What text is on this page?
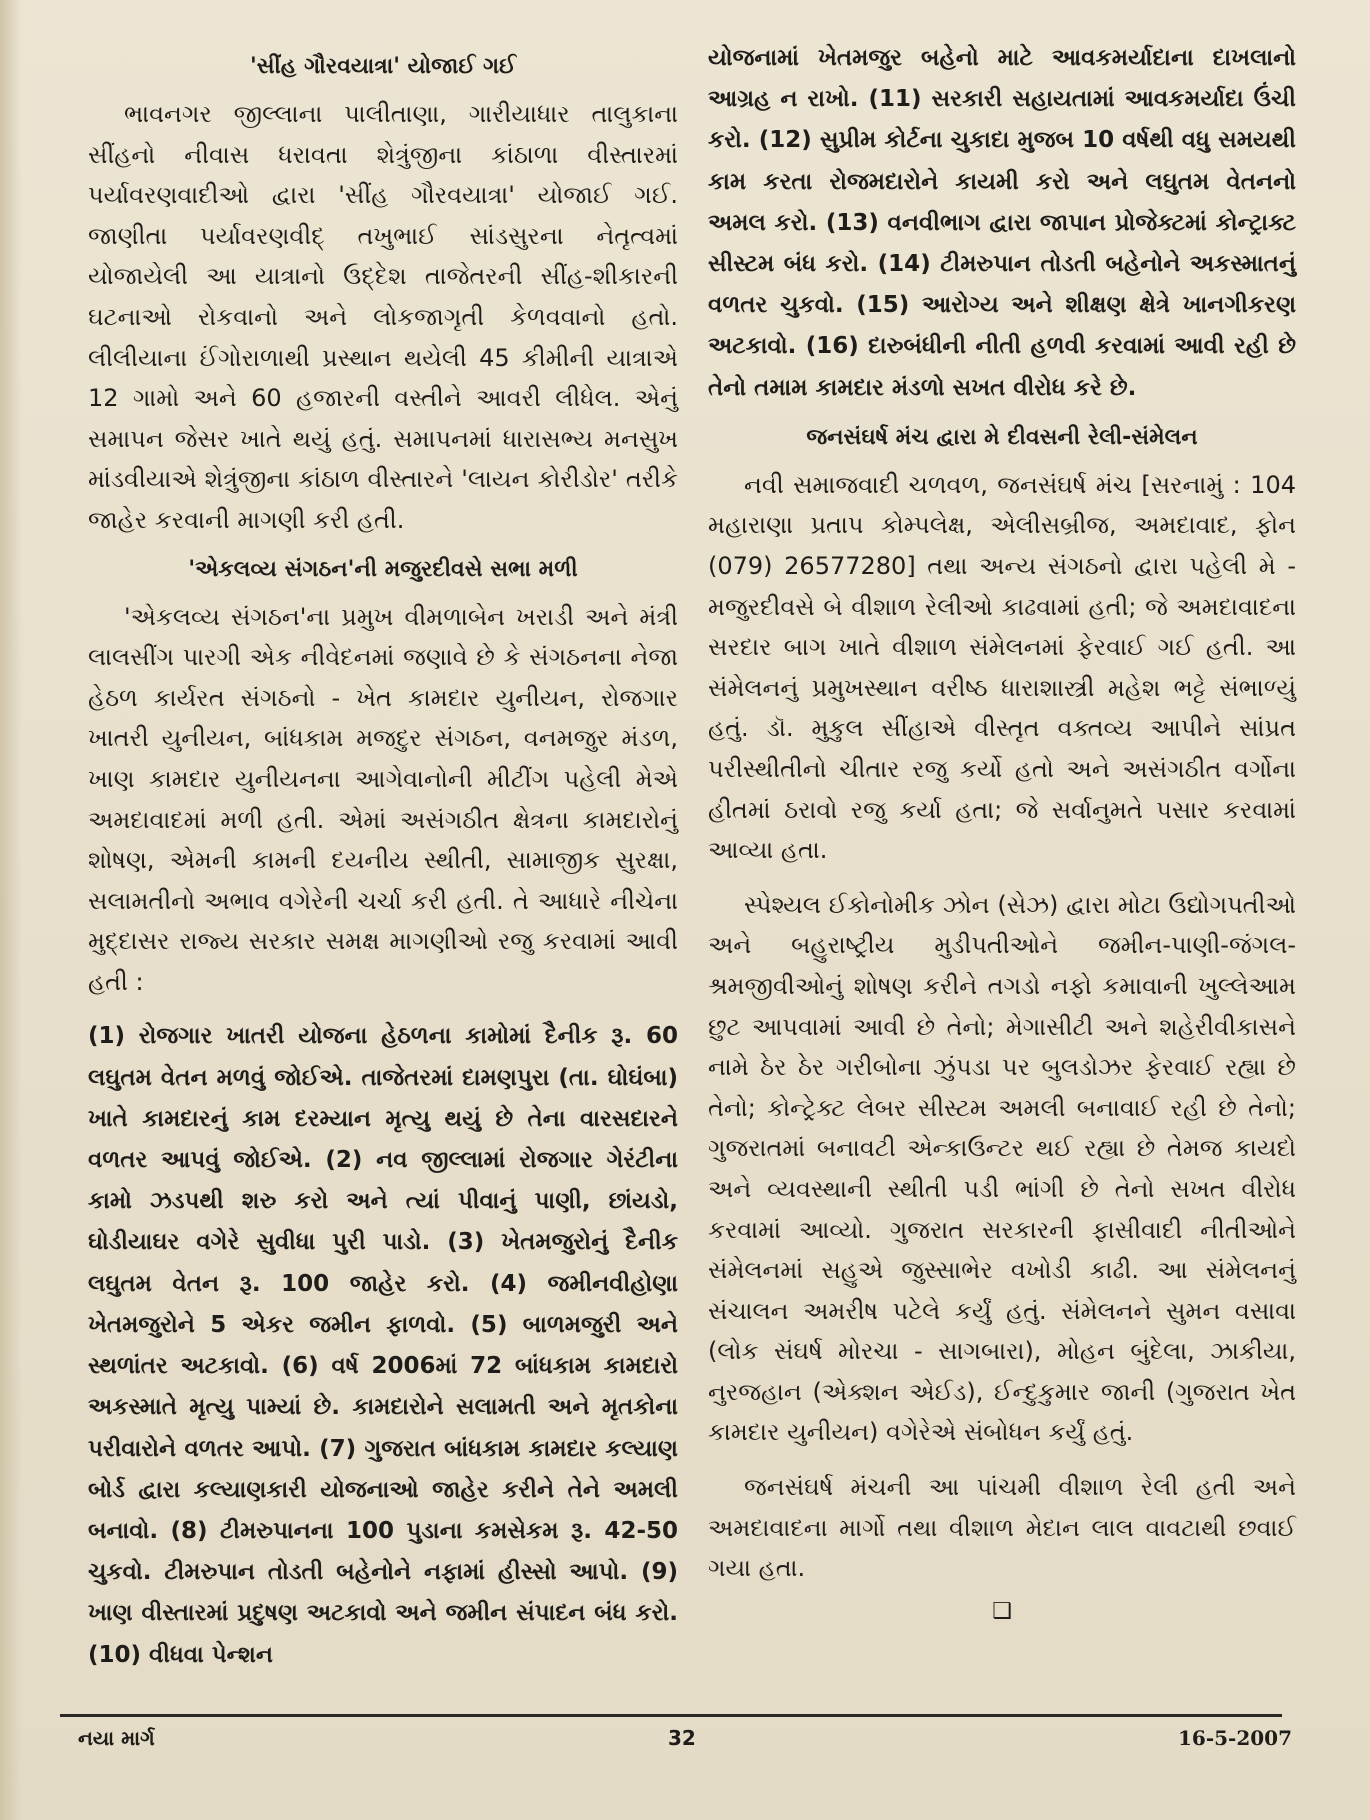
'સીંહ ગૌરવયાત્રા' યોજાઈ ગઈ

ભાવનગર જીલ્લાના પાલીતાણા, ગારીયાધાર તાલુકાના સીંહનો નીવાસ ધરાવતા શેત્રુંજીના કાંઠાળા વીસ્તારમાં પર્યાવરણવાદીઓ દ્વારા 'સીંહ ગૌરવયાત્રા' યોજાઈ ગઈ. જાણીતા પર્યાવરણવીદ્ તખુભાઈ સાંડસુરના નેતૃત્વમાં યોજાયેલી આ યાત્રાનો ઉદ્દેશ તાજેતરની સીંહ-શીકારની ઘટનાઓ રોકવાનો અને લોકજાગૃતી કેળવવાનો હતો. લીલીયાના ઈંગોરાળાથી પ્રસ્થાન થયેલી 45 કીમીની યાત્રાએ 12 ગામો અને 60 હજારની વસ્તીને આવરી લીધેલ. એનું સમાપન જેસર ખાતે થયું હતું. સમાપનમાં ધારાસભ્ય મનસુખ માંડવીયાએ શેત્રુંજીના કાંઠાળ વીસ્તારને 'લાયન કોરીડોર' તરીકે જાહેર કરવાની માગણી કરી હતી.

'એકલવ્ય સંગઠન'ની મજુરદીવસે સભા મળી

'એકલવ્ય સંગઠન'ના પ્રમુખ વીમળાબેન ખરાડી અને મંત્રી લાલસીંગ પારગી એક નીવેદનમાં જણાવે છે કે સંગઠનના નેજા હેઠળ કાર્યરત સંગઠનો - ખેત કામદાર યુનીયન, રોજગાર ખાતરી યુનીયન, બાંધકામ મજદુર સંગઠન, વનમજુર મંડળ, ખાણ કામદાર યુનીયનના આગેવાનોની મીટીંગ પહેલી મેએ અમદાવાદમાં મળી હતી. એમાં અસંગઠીત ક્ષેત્રના કામદારોનું શોષણ, એમની કામની દયનીય સ્થીતી, સામાજીક સુરક્ષા, સલામતીનો અભાવ વગેરેની ચર્ચા કરી હતી. તે આધારે નીચેના મુદ્દાસર રાજ્ય સરકાર સમક્ષ માગણીઓ રજુ કરવામાં આવી હતી :

(1) રોજગાર ખાતરી યોજના હેઠળના કામોમાં દૈનીક રૂ. 60 લઘુતમ વેતન મળવું જોઈએ. તાજેતરમાં દામણપુરા (તા. ઘોઘંબા) ખાતે કામદારનું કામ દરમ્યાન મૃત્યુ થયું છે તેના વારસદારને વળતર આપવું જોઈએ. (2) નવ જીલ્લામાં રોજગાર ગેરંટીના કામો ઝડપથી શરુ કરો અને ત્યાં પીવાનું પાણી, છાંયડો, ઘોડીયાઘર વગેરે સુવીધા પુરી પાડો. (3) ખેતમજુરોનું દૈનીક લઘુતમ વેતન રૂ. 100 જાહેર કરો. (4) જમીનવીહોણા ખેતમજુરોને 5 એકર જમીન ફાળવો. (5) બાળમજુરી અને સ્થળાંતર અટકાવો. (6) વર્ષ 2006માં 72 બાંધકામ કામદારો અકસ્માતે મૃત્યુ પામ્યાં છે. કામદારોને સલામતી અને મૃતકોના પરીવારોને વળતર આપો. (7) ગુજરાત બાંધકામ કામદાર કલ્યાણ બોર્ડ દ્વારા કલ્યાણકારી યોજનાઓ જાહેર કરીને તેને અમલી બનાવો. (8) ટીમરુપાનના 100 પુડાના કમસેકમ રૂ. 42-50 ચુકવો. ટીમરુપાન તોડતી બહેનોને નફામાં હીસ્સો આપો. (9) ખાણ વીસ્તારમાં પ્રદુષણ અટકાવો અને જમીન સંપાદન બંધ કરો. (10) વીધવા પેન્શન

યોજનામાં ખેતમજુર બહેનો માટે આવકમર્યાદાના દાખલાનો આગ્રહ ન રાખો. (11) સરકારી સહાયતામાં આવકમર્યાદા ઉંચી કરો. (12) સુપ્રીમ કોર્ટના ચુકાદા મુજબ 10 વર્ષથી વધુ સમયથી કામ કરતા રોજમદારોને કાયમી કરો અને લઘુતમ વેતનનો અમલ કરો. (13) વનવીભાગ દ્વારા જાપાન પ્રોજેક્ટમાં કોન્ટ્રાક્ટ સીસ્ટમ બંધ કરો. (14) ટીમરુપાન તોડતી બહેનોને અકસ્માતનું વળતર ચુકવો. (15) આરોગ્ય અને શીક્ષણ ક્ષેત્રે ખાનગીકરણ અટકાવો. (16) દારુબંધીની નીતી હળવી કરવામાં આવી રહી છે તેનો તમામ કામદાર મંડળો સખત વીરોધ કરે છે.

જનસંઘર્ષ મંચ દ્વારા મે દીવસની રેલી-સંમેલન

નવી સમાજવાદી ચળવળ, જનસંઘર્ષ મંચ [સરનામું : 104 મહારાણા પ્રતાપ કોમ્પલેક્ષ, એલીસબ્રીજ, અમદાવાદ, ફોન (079) 26577280] તથા અન્ય સંગઠનો દ્વારા પહેલી મે - મજુરદીવસે બે વીશાળ રેલીઓ કાઢવામાં હતી; જે અમદાવાદના સરદાર બાગ ખાતે વીશાળ સંમેલનમાં ફેરવાઈ ગઈ હતી. આ સંમેલનનું પ્રમુખસ્થાન વરીષ્ઠ ધારાશાસ્ત્રી મહેશ ભટ્ટે સંભાળ્યું હતું. ડૉ. મુકુલ સીંહાએ વીસ્તૃત વક્તવ્ય આપીને સાંપ્રત પરીસ્થીતીનો ચીતાર રજુ કર્યો હતો અને અસંગઠીત વર્ગોના હીતમાં ઠરાવો રજુ કર્યા હતા; જે સર્વાનુમતે પસાર કરવામાં આવ્યા હતા.

સ્પેશ્યલ ઈકોનોમીક ઝોન (સેઝ) દ્વારા મોટા ઉદ્યોગપતીઓ અને બહુરાષ્ટ્રીય મુડીપતીઓને જમીન-પાણી-જંગલ-શ્રમજીવીઓનું શોષણ કરીને તગડો નફો કમાવાની ખુલ્લેઆમ છુટ આપવામાં આવી છે તેનો; મેગાસીટી અને શહેરીવીકાસને નામે ઠેર ઠેર ગરીબોના ઝુંપડા પર બુલડોઝર ફેરવાઈ રહ્યા છે તેનો; કોન્ટ્રેક્ટ લેબર સીસ્ટમ અમલી બનાવાઈ રહી છે તેનો; ગુજરાતમાં બનાવટી એન્કાઉન્ટર થઈ રહ્યા છે તેમજ કાયદો અને વ્યવસ્થાની સ્થીતી પડી ભાંગી છે તેનો સખત વીરોધ કરવામાં આવ્યો. ગુજરાત સરકારની ફાસીવાદી નીતીઓને સંમેલનમાં સહુએ જુસ્સાભેર વખોડી કાઢી. આ સંમેલનનું સંચાલન અમરીષ પટેલે કર્યું હતું. સંમેલનને સુમન વસાવા (લોક સંઘર્ષ મોરચા - સાગબારા), મોહન બુંદેલા, ઝાકીયા, નુરજહાન (એક્શન એઈડ), ઈન્દુકુમાર જાની (ગુજરાત ખેત કામદાર યુનીયન) વગેરેએ સંબોધન કર્યું હતું.

જનસંઘર્ષ મંચની આ પાંચમી વીશાળ રેલી હતી અને અમદાવાદના માર્ગો તથા વીશાળ મેદાન લાલ વાવટાથી છવાઈ ગયા હતા.

❑
નયા માર્ગ	32	16-5-2007
